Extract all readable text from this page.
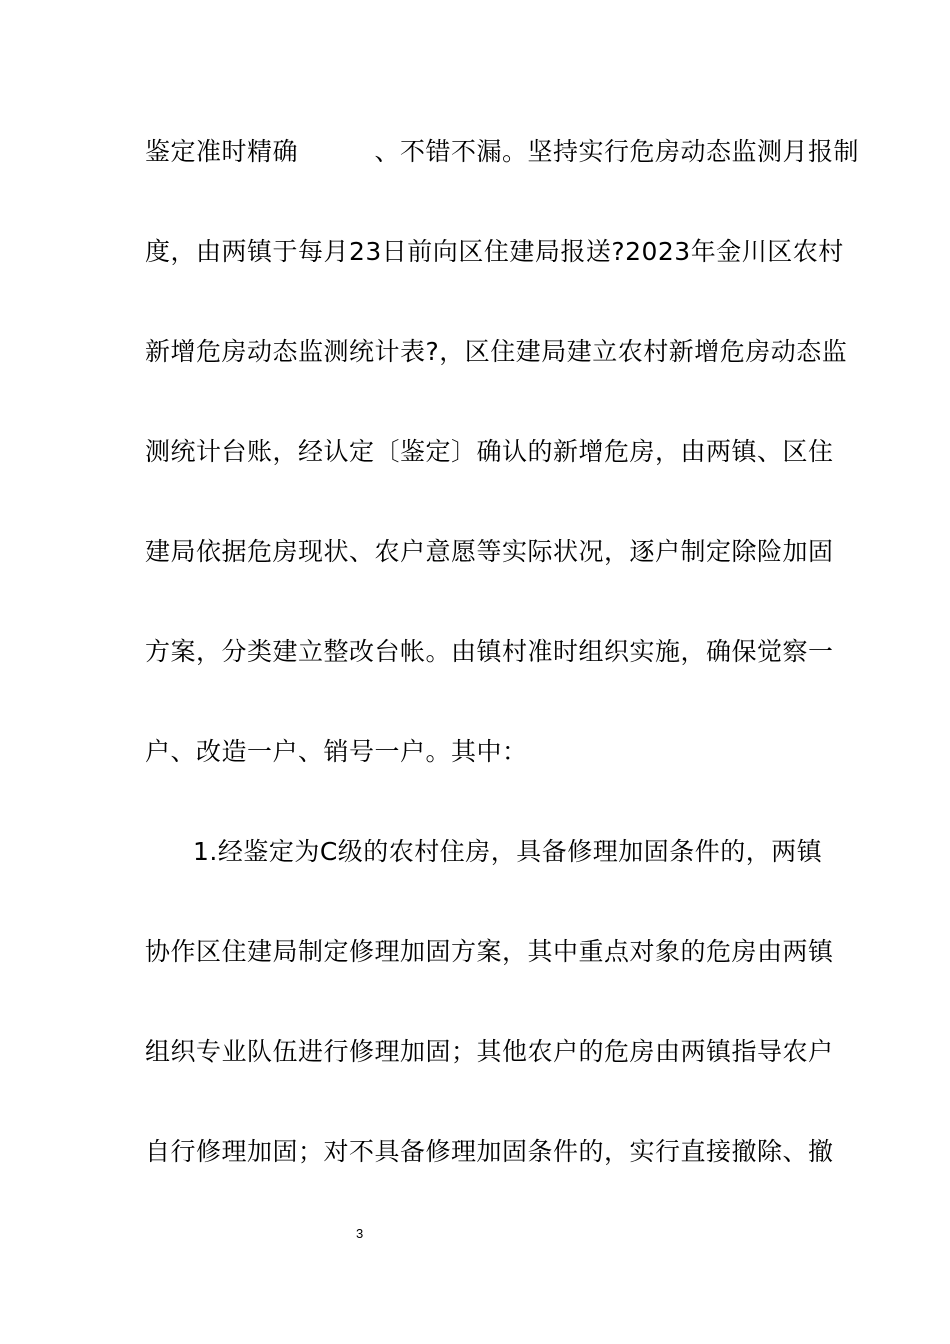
鉴定准时精确　　　、不错不漏。坚持实行危房动态监测月报制
度，由两镇于每月23日前向区住建局报送?2023年金川区农村
新增危房动态监测统计表?，区住建局建立农村新增危房动态监
测统计台账，经认定〔鉴定〕确认的新增危房，由两镇、区住
建局依据危房现状、农户意愿等实际状况，逐户制定除险加固
方案，分类建立整改台帐。由镇村准时组织实施，确保觉察一
户、改造一户、销号一户。其中：
1.经鉴定为C级的农村住房，具备修理加固条件的，两镇
协作区住建局制定修理加固方案，其中重点对象的危房由两镇
组织专业队伍进行修理加固；其他农户的危房由两镇指导农户
自行修理加固；对不具备修理加固条件的，实行直接撤除、撤
3
